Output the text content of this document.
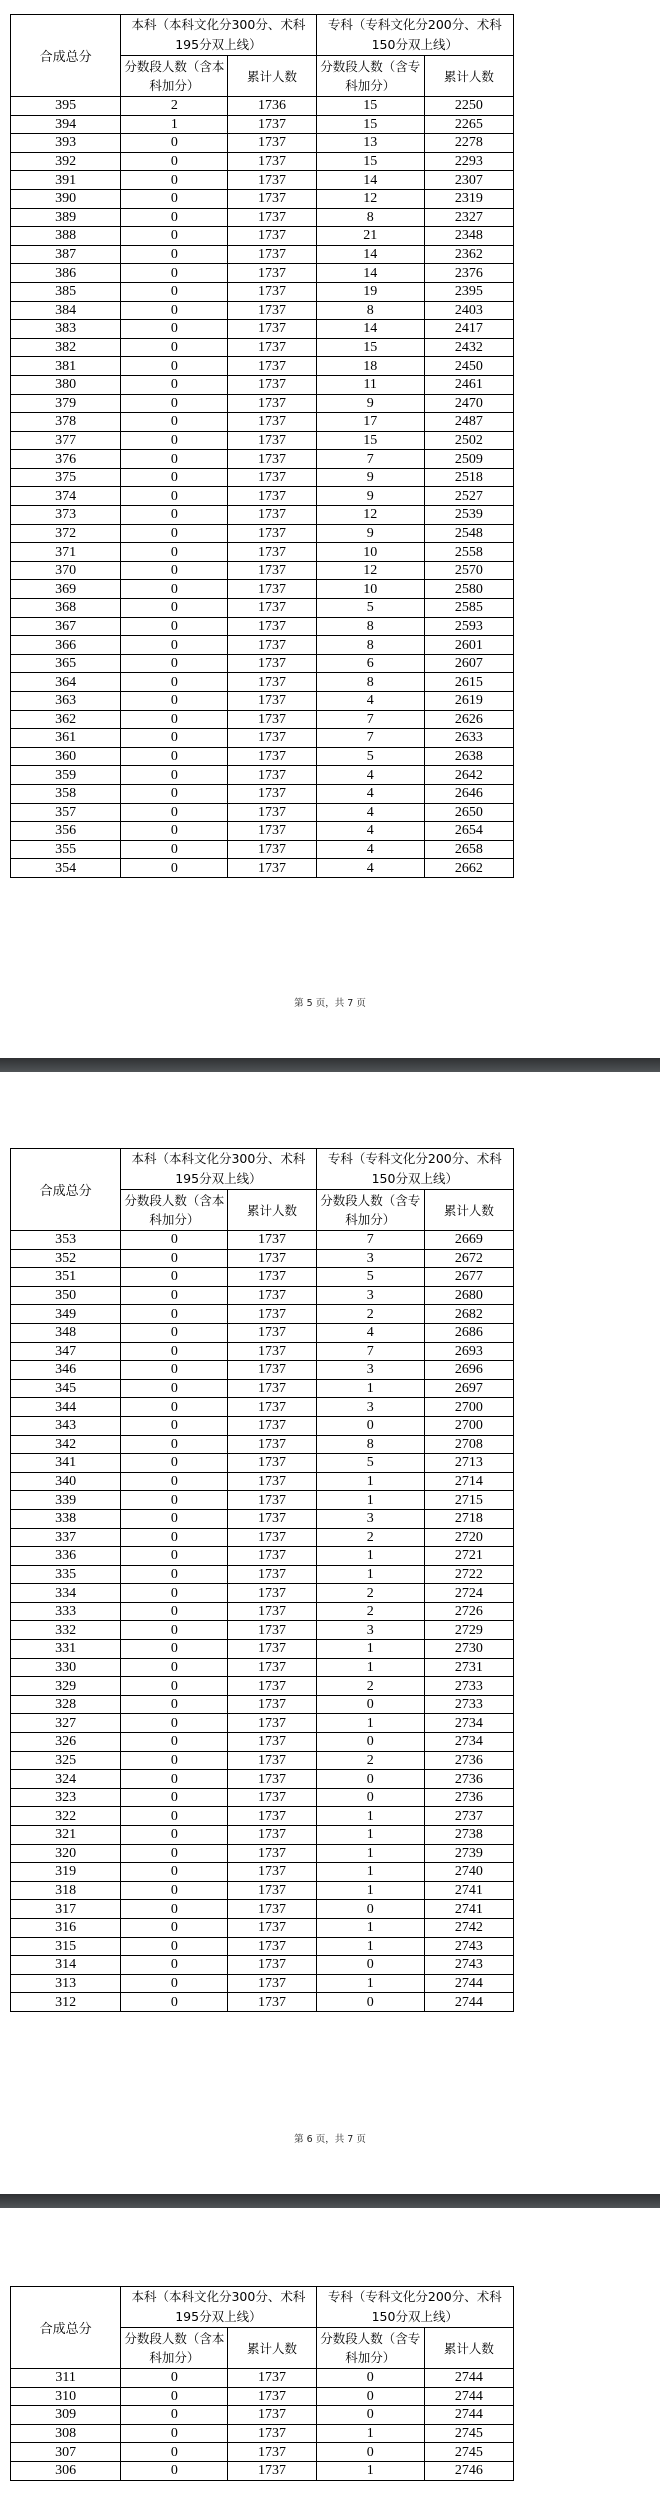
合成总分	本科（本科文化分300分、术科195分双上线）		专科（专科文化分200分、术科150分双上线）	
	分数段人数（含本科加分）	累计人数	分数段人数（含专科加分）	累计人数
395	2	1736	15	2250
394	1	1737	15	2265
393	0	1737	13	2278
392	0	1737	15	2293
391	0	1737	14	2307
390	0	1737	12	2319
389	0	1737	8	2327
388	0	1737	21	2348
387	0	1737	14	2362
386	0	1737	14	2376
385	0	1737	19	2395
384	0	1737	8	2403
383	0	1737	14	2417
382	0	1737	15	2432
381	0	1737	18	2450
380	0	1737	11	2461
379	0	1737	9	2470
378	0	1737	17	2487
377	0	1737	15	2502
376	0	1737	7	2509
375	0	1737	9	2518
374	0	1737	9	2527
373	0	1737	12	2539
372	0	1737	9	2548
371	0	1737	10	2558
370	0	1737	12	2570
369	0	1737	10	2580
368	0	1737	5	2585
367	0	1737	8	2593
366	0	1737	8	2601
365	0	1737	6	2607
364	0	1737	8	2615
363	0	1737	4	2619
362	0	1737	7	2626
361	0	1737	7	2633
360	0	1737	5	2638
359	0	1737	4	2642
358	0	1737	4	2646
357	0	1737	4	2650
356	0	1737	4	2654
355	0	1737	4	2658
354	0	1737	4	2662
第 5 页，共 7 页
合成总分	本科（本科文化分300分、术科195分双上线）		专科（专科文化分200分、术科150分双上线）	
	分数段人数（含本科加分）	累计人数	分数段人数（含专科加分）	累计人数
353	0	1737	7	2669
352	0	1737	3	2672
351	0	1737	5	2677
350	0	1737	3	2680
349	0	1737	2	2682
348	0	1737	4	2686
347	0	1737	7	2693
346	0	1737	3	2696
345	0	1737	1	2697
344	0	1737	3	2700
343	0	1737	0	2700
342	0	1737	8	2708
341	0	1737	5	2713
340	0	1737	1	2714
339	0	1737	1	2715
338	0	1737	3	2718
337	0	1737	2	2720
336	0	1737	1	2721
335	0	1737	1	2722
334	0	1737	2	2724
333	0	1737	2	2726
332	0	1737	3	2729
331	0	1737	1	2730
330	0	1737	1	2731
329	0	1737	2	2733
328	0	1737	0	2733
327	0	1737	1	2734
326	0	1737	0	2734
325	0	1737	2	2736
324	0	1737	0	2736
323	0	1737	0	2736
322	0	1737	1	2737
321	0	1737	1	2738
320	0	1737	1	2739
319	0	1737	1	2740
318	0	1737	1	2741
317	0	1737	0	2741
316	0	1737	1	2742
315	0	1737	1	2743
314	0	1737	0	2743
313	0	1737	1	2744
312	0	1737	0	2744
第 6 页，共 7 页
合成总分	本科（本科文化分300分、术科195分双上线）		专科（专科文化分200分、术科150分双上线）	
	分数段人数（含本科加分）	累计人数	分数段人数（含专科加分）	累计人数
311	0	1737	0	2744
310	0	1737	0	2744
309	0	1737	0	2744
308	0	1737	1	2745
307	0	1737	0	2745
306	0	1737	1	2746
